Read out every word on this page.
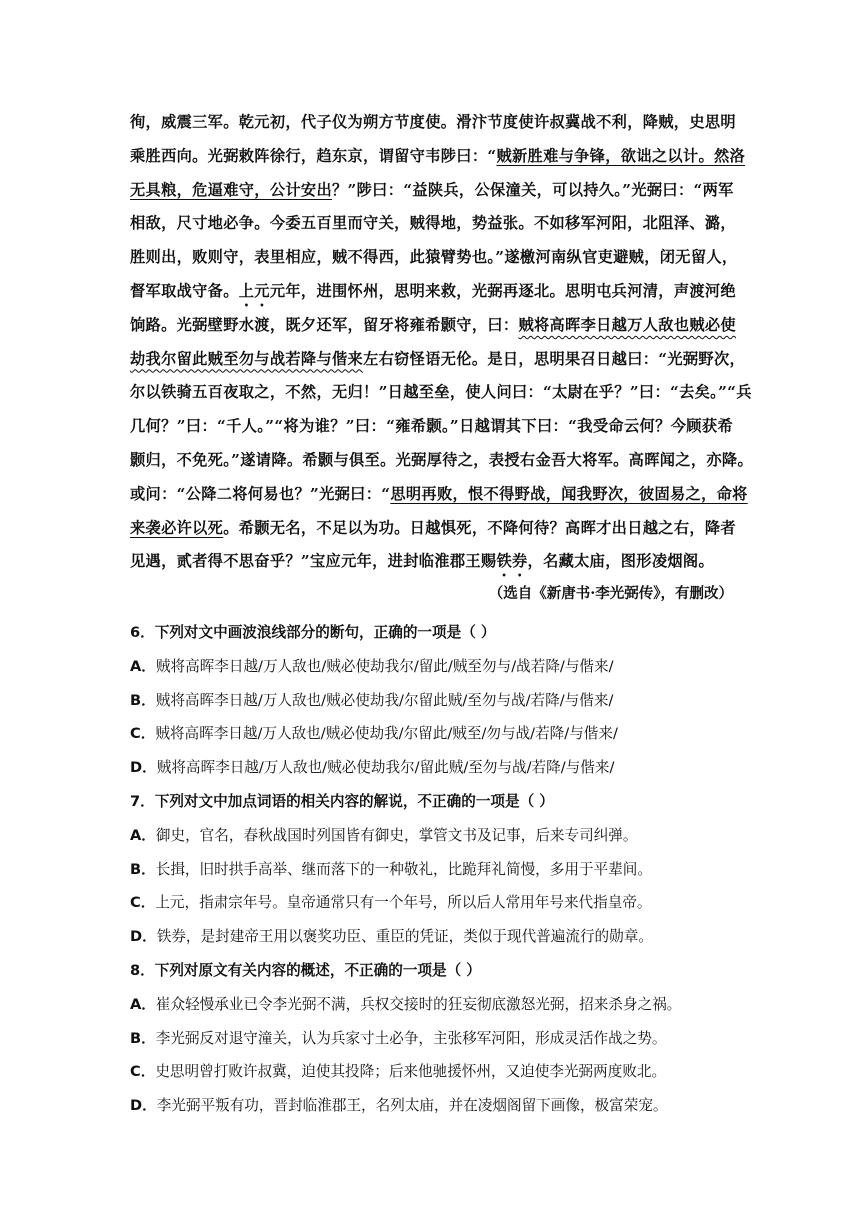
徇，威震三军。乾元初，代子仪为朔方节度使。滑汴节度使许叔冀战不利，降贼，史思明
乘胜西向。光弼敕阵徐行，趋东京，谓留守韦陟曰：“贼新胜难与争锋，欲诎之以计。然洛
无具粮，危逼难守，公计安出？”陟曰：“益陕兵，公保潼关，可以持久。”光弼曰：“两军
相敌，尺寸地必争。今委五百里而守关，贼得地，势益张。不如移军河阳，北阻泽、潞，
胜则出，败则守，表里相应，贼不得西，此猿臂势也。”遂檄河南纵官吏避贼，闭无留人，
督军取战守备。上元元年，进围怀州，思明来救，光弼再逐北。思明屯兵河清，声渡河绝
饷路。光弼壁野水渡，既夕还军，留牙将雍希颢守，曰：贼将高晖李日越万人敌也贼必使
劫我尔留此贼至勿与战若降与偕来左右窃怪语无伦。是日，思明果召日越曰：“光弼野次，
尔以铁骑五百夜取之，不然，无归！”日越至垒，使人问曰：“太尉在乎？”曰：“去矣。”“兵
几何？”曰：“千人。”“将为谁？”曰：“雍希颢。”日越谓其下曰：“我受命云何？今顾获希
颢归，不免死。”遂请降。希颢与俱至。光弼厚待之，表授右金吾大将军。高晖闻之，亦降。
或问：“公降二将何易也？”光弼曰：“思明再败，恨不得野战，闻我野次，彼固易之，命将
来袭必许以死。希颢无名，不足以为功。日越惧死，不降何待？高晖才出日越之右，降者
见遇，贰者得不思奋乎？”宝应元年，进封临淮郡王赐铁券，名藏太庙，图形凌烟阁。
（选自《新唐书·李光弼传》，有删改）
6．下列对文中画波浪线部分的断句，正确的一项是（ ）
A．贼将高晖李日越/万人敌也/贼必使劫我尔/留此/贼至勿与/战若降/与偕来/
B．贼将高晖李日越/万人敌也/贼必使劫我/尔留此贼/至勿与战/若降/与偕来/
C．贼将高晖李日越/万人敌也/贼必使劫我/尔留此/贼至/勿与战/若降/与偕来/
D．贼将高晖李日越/万人敌也/贼必使劫我尔/留此贼/至勿与战/若降/与偕来/
7．下列对文中加点词语的相关内容的解说，不正确的一项是（ ）
A．御史，官名，春秋战国时列国皆有御史，掌管文书及记事，后来专司纠弹。
B．长揖，旧时拱手高举、继而落下的一种敬礼，比跪拜礼简慢，多用于平辈间。
C．上元，指肃宗年号。皇帝通常只有一个年号，所以后人常用年号来代指皇帝。
D．铁券，是封建帝王用以褒奖功臣、重臣的凭证，类似于现代普遍流行的勋章。
8．下列对原文有关内容的概述，不正确的一项是（ ）
A．崔众轻慢承业已令李光弼不满，兵权交接时的狂妄彻底激怒光弼，招来杀身之祸。
B．李光弼反对退守潼关，认为兵家寸土必争，主张移军河阳，形成灵活作战之势。
C．史思明曾打败许叔冀，迫使其投降；后来他驰援怀州，又迫使李光弼两度败北。
D．李光弼平叛有功，晋封临淮郡王，名列太庙，并在凌烟阁留下画像，极富荣宠。
